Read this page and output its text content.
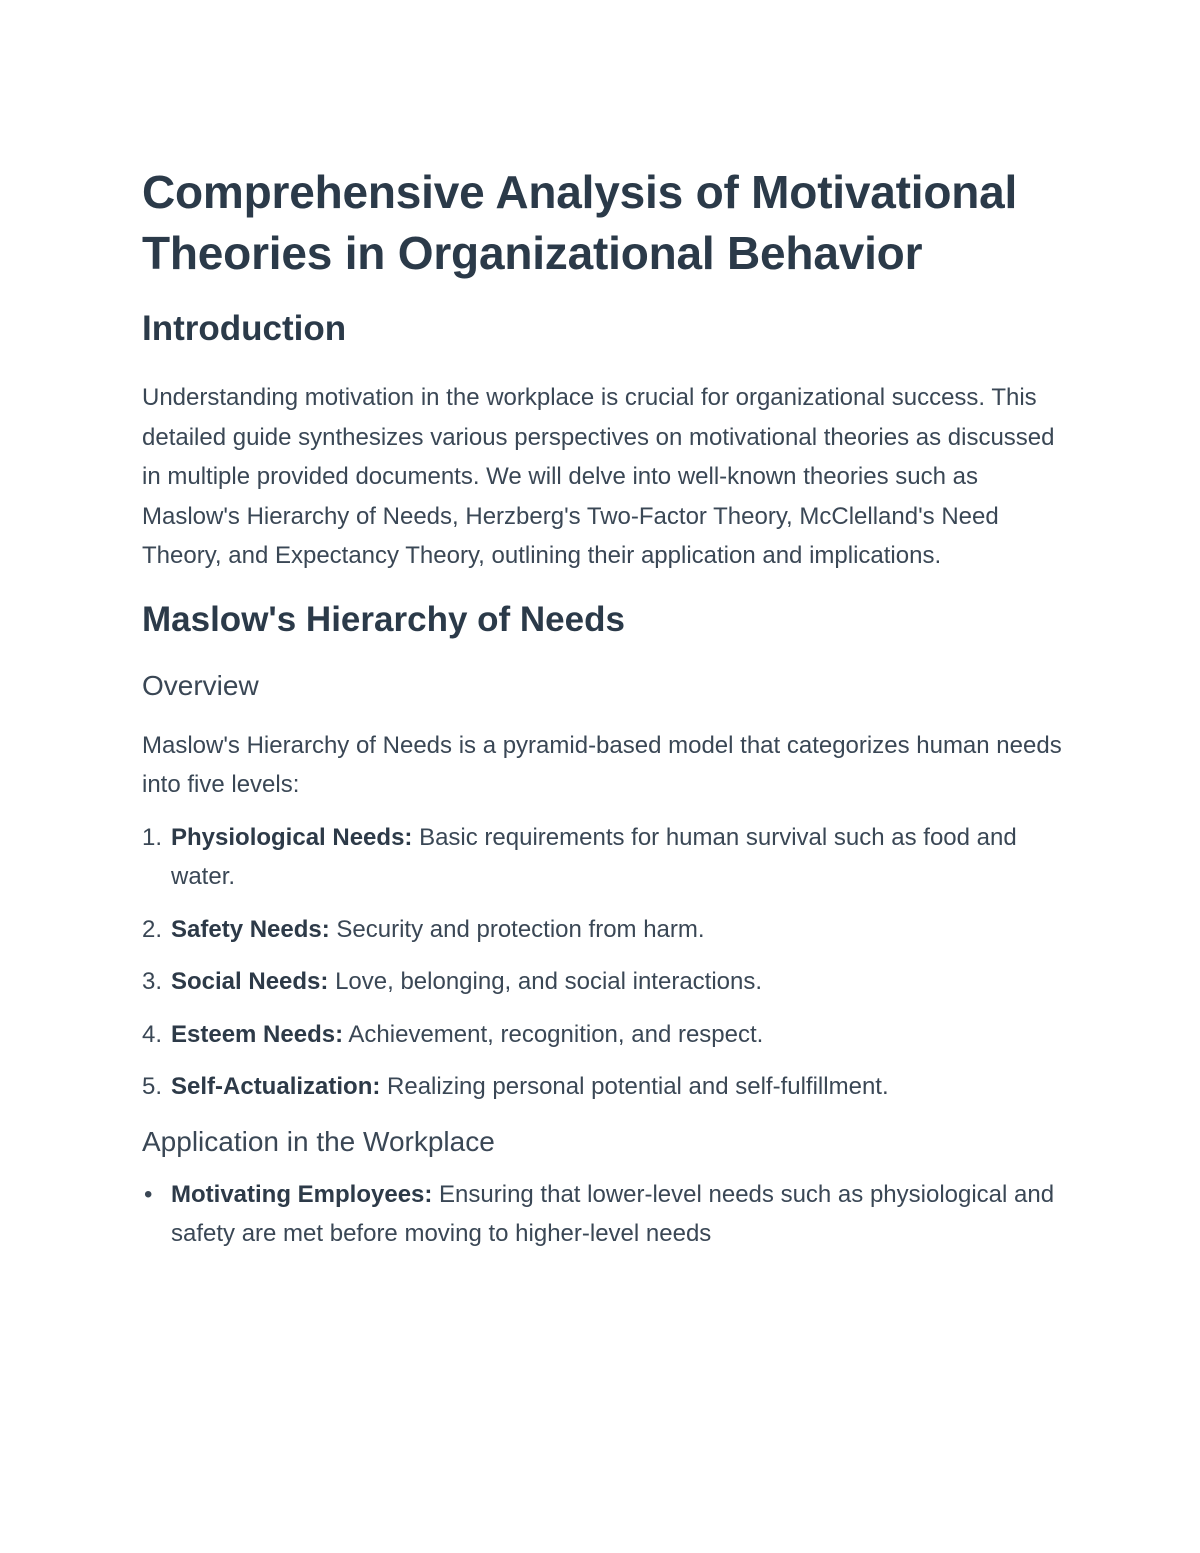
Comprehensive Analysis of Motivational Theories in Organizational Behavior
Introduction

Understanding motivation in the workplace is crucial for organizational success. This detailed guide synthesizes various perspectives on motivational theories as discussed in multiple provided documents. We will delve into well-known theories such as Maslow's Hierarchy of Needs, Herzberg's Two-Factor Theory, McClelland's Need Theory, and Expectancy Theory, outlining their application and implications.

Maslow's Hierarchy of Needs
Overview

Maslow's Hierarchy of Needs is a pyramid-based model that categorizes human needs into five levels:

1. Physiological Needs: Basic requirements for human survival such as food and water.
2. Safety Needs: Security and protection from harm.
3. Social Needs: Love, belonging, and social interactions.
4. Esteem Needs: Achievement, recognition, and respect.
5. Self-Actualization: Realizing personal potential and self-fulfillment.
Application in the Workplace
• Motivating Employees: Ensuring that lower-level needs such as physiological and safety are met before moving to higher-level needs
